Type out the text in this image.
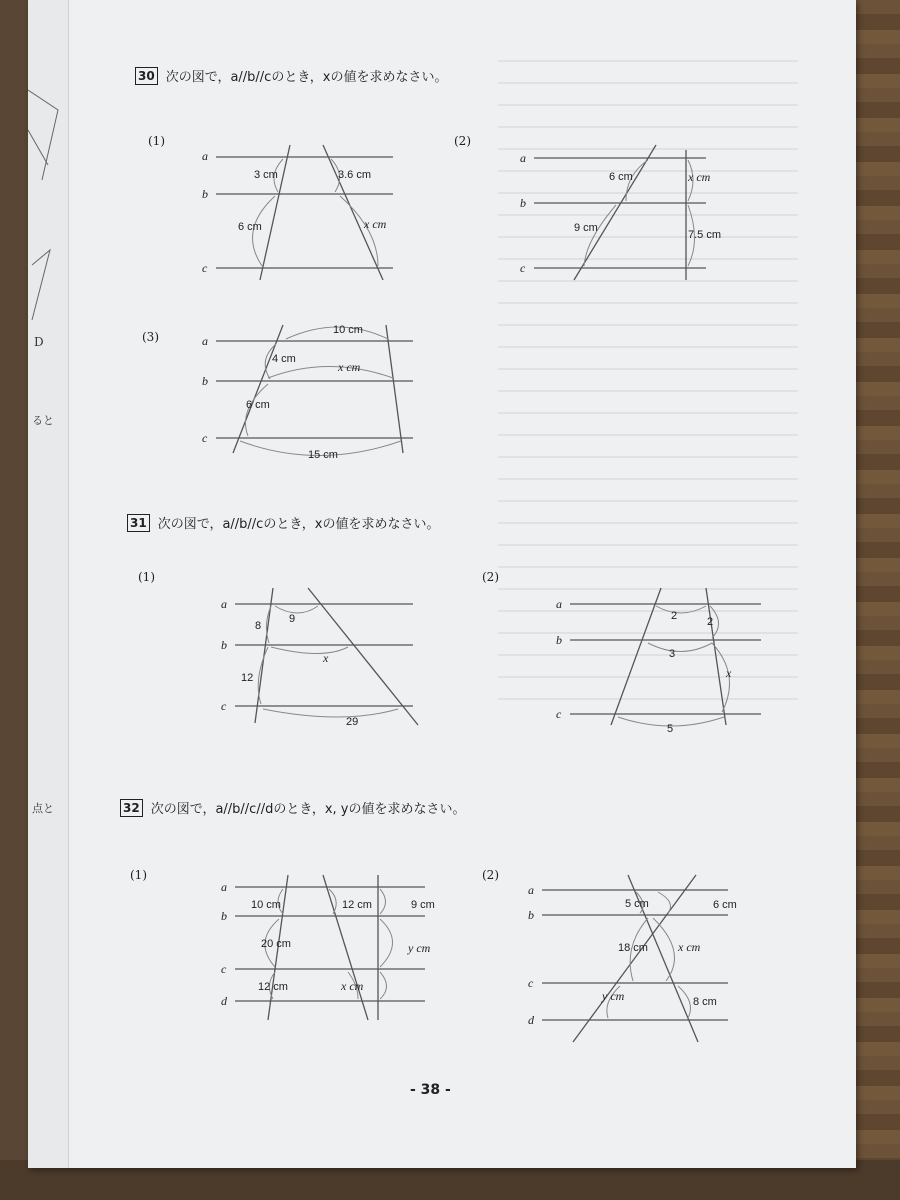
D
ると
点と
30 次の図で，a//b//cのとき，xの値を求めなさい。
(1)	(2)
(3)
a
b
c
3 cm	3.6 cm
6 cm	x cm
a
b
c
6 cm	x cm
9 cm
7.5 cm
a
b
c
10 cm
4 cm
x cm
6 cm
15 cm
31 次の図で，a//b//cのとき，xの値を求めなさい。
(1)	(2)
a
b
c
8
9
x
12
29
a
b
c
2	2
3
x
5
32 次の図で，a//b//c//dのとき，x, yの値を求めなさい。
(1)	(2)
a
b
c
d
10 cm	12 cm	9 cm
20 cm	y cm
12 cm	x cm
a
b
c
d
5 cm	6 cm
18 cm	x cm
y cm	8 cm
- 38 -
